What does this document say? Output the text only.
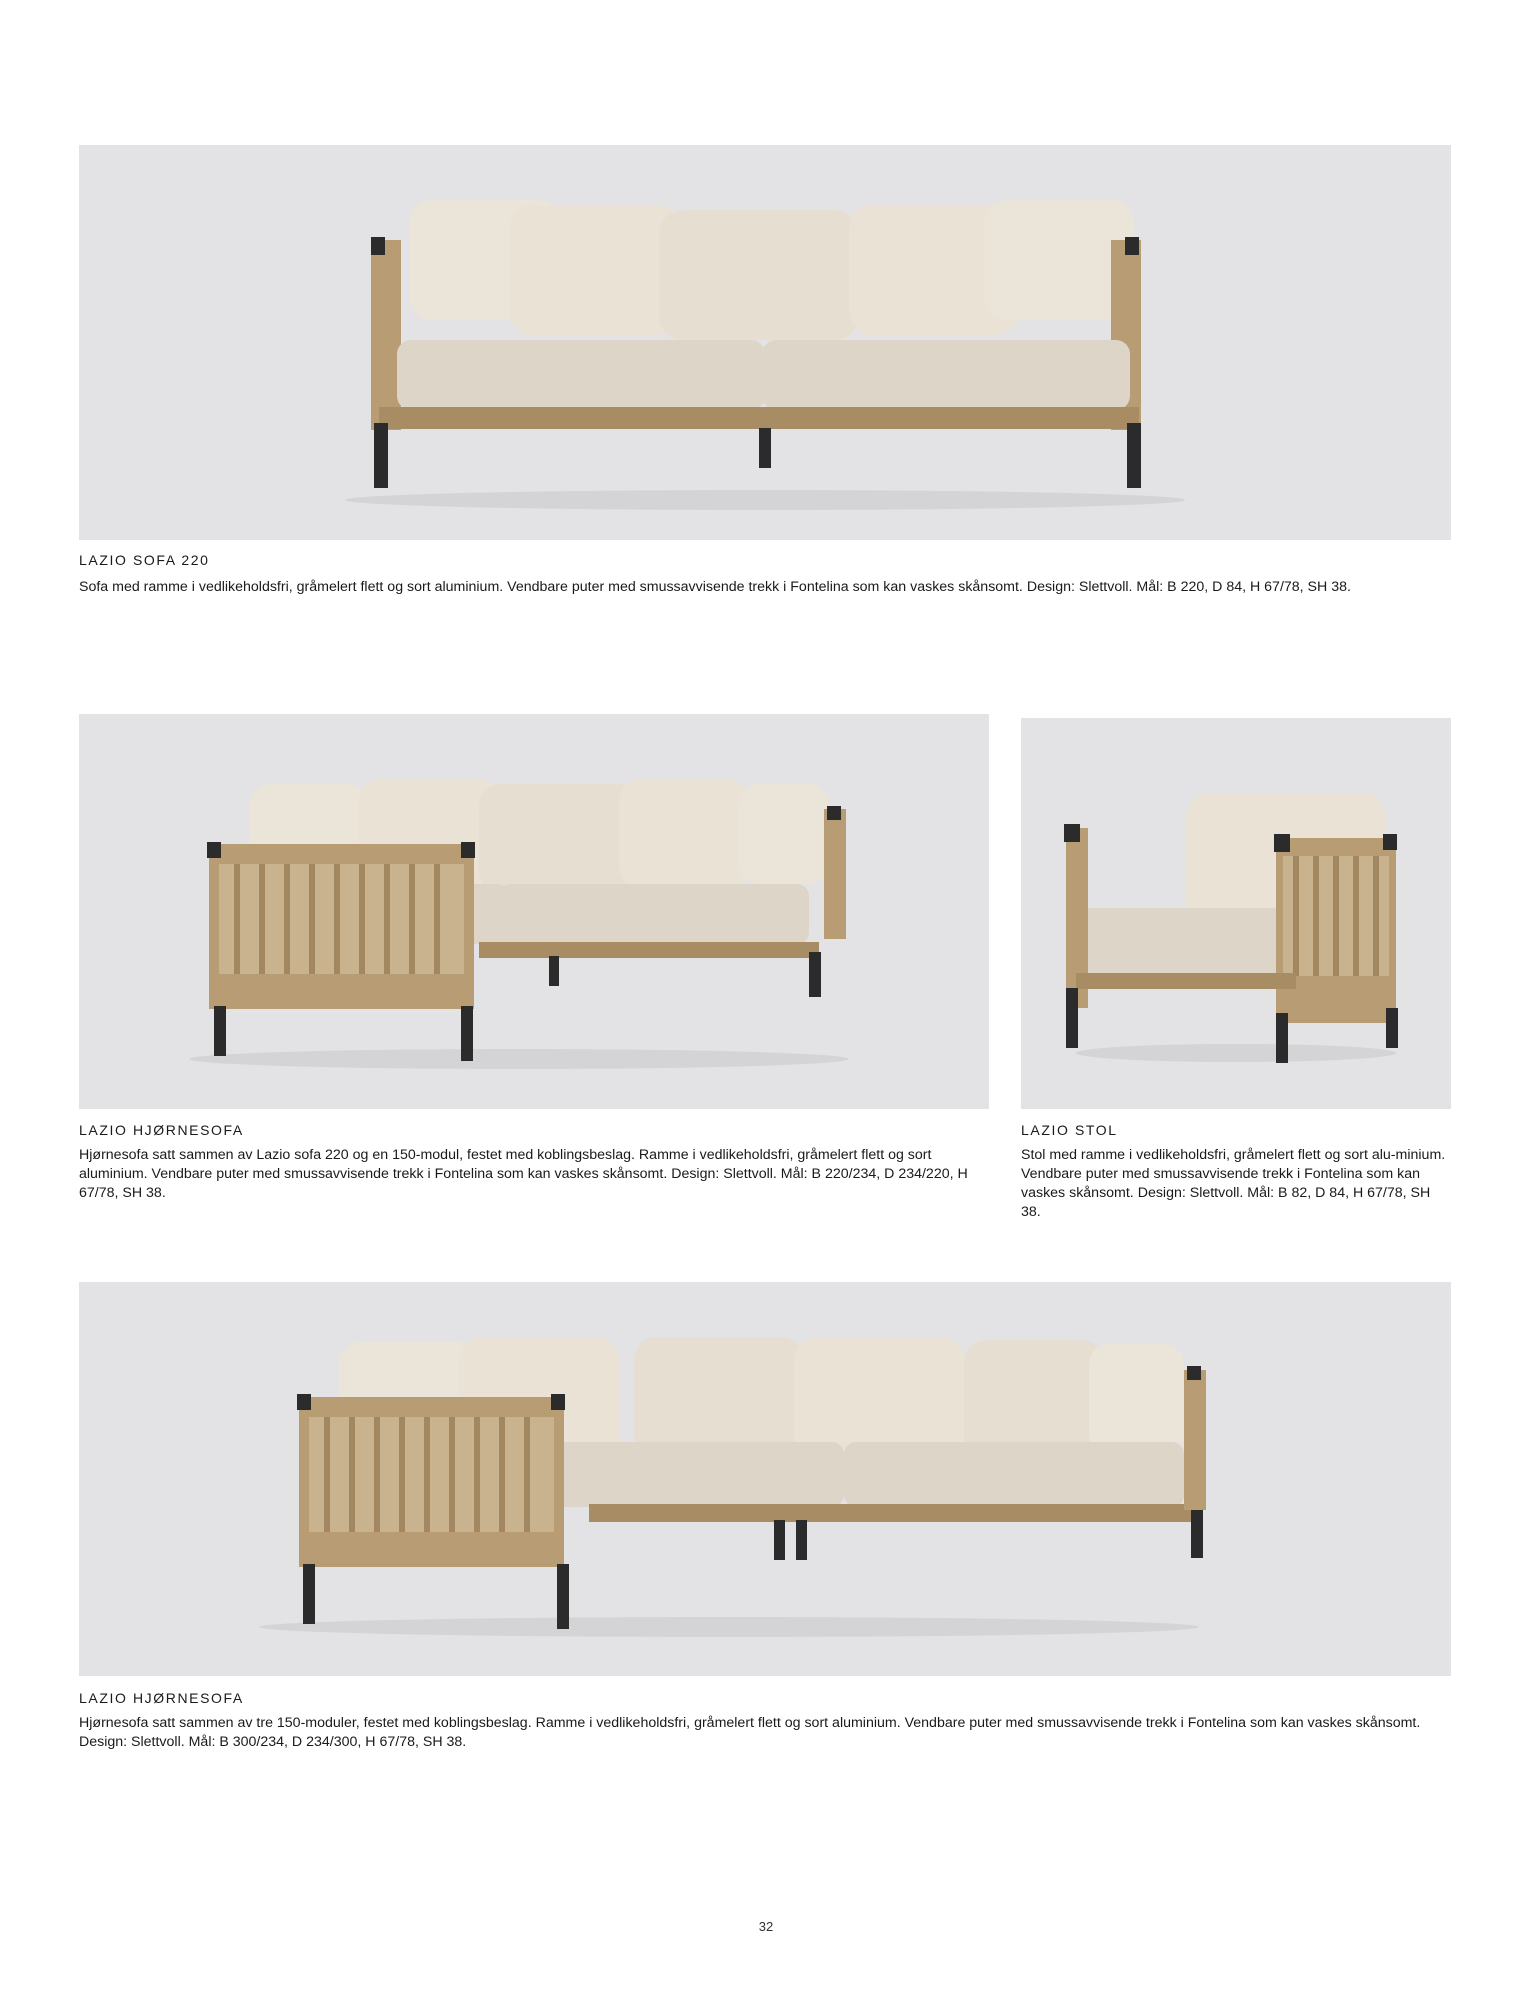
LAZIO SOFA 220
Sofa med ramme i vedlikeholdsfri, gråmelert flett og sort aluminium. Vendbare puter med smussavvisende trekk i Fontelina som kan vaskes skånsomt. Design: Slettvoll. Mål: B 220, D 84, H 67/78, SH 38.
LAZIO HJØRNESOFA
Hjørnesofa satt sammen av Lazio sofa 220 og en 150-modul, festet med koblingsbeslag. Ramme i vedlikeholdsfri, gråmelert flett og sort aluminium. Vendbare puter med smussavvisende trekk i Fontelina som kan vaskes skånsomt. Design: Slettvoll. Mål: B 220/234, D 234/220, H 67/78, SH 38.
LAZIO STOL
Stol med ramme i vedlikeholdsfri, gråmelert flett og sort alu-minium. Vendbare puter med smussavvisende trekk i Fontelina som kan vaskes skånsomt. Design: Slettvoll. Mål: B 82, D 84, H 67/78, SH 38.
LAZIO HJØRNESOFA
Hjørnesofa satt sammen av tre 150-moduler, festet med koblingsbeslag. Ramme i vedlikeholdsfri, gråmelert flett og sort aluminium. Vendbare puter med smussavvisende trekk i Fontelina som kan vaskes skånsomt. Design: Slettvoll. Mål: B 300/234, D 234/300, H 67/78, SH 38.
32
